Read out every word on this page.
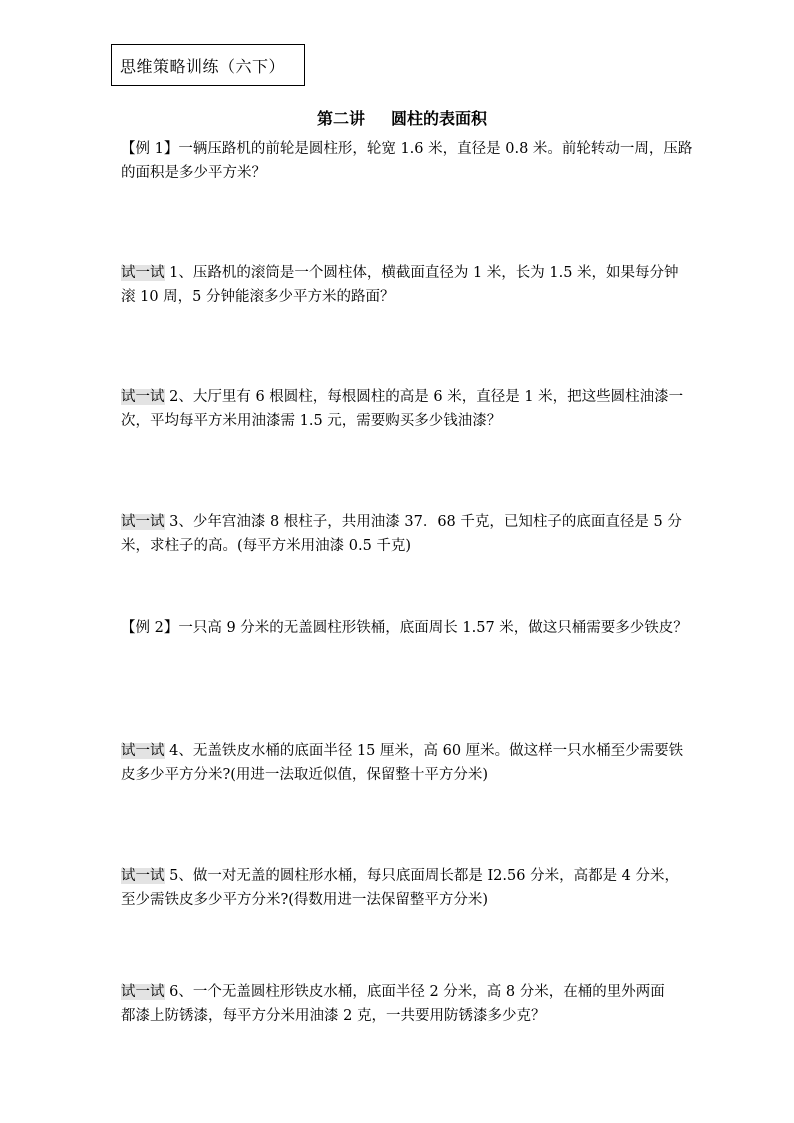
思维策略训练（六下）
第二讲 圆柱的表面积
【例 1】一辆压路机的前轮是圆柱形，轮宽 1.6 米，直径是 0.8 米。前轮转动一周，压路的面积是多少平方米？
试一试 1、压路机的滚筒是一个圆柱体，横截面直径为 1 米，长为 1.5 米，如果每分钟滚 10 周，5 分钟能滚多少平方米的路面？
试一试 2、大厅里有 6 根圆柱，每根圆柱的高是 6 米，直径是 1 米，把这些圆柱油漆一次，平均每平方米用油漆需 1.5 元，需要购买多少钱油漆？
试一试 3、少年宫油漆 8 根柱子，共用油漆 37．68 千克，已知柱子的底面直径是 5 分米，求柱子的高。(每平方米用油漆 0.5 千克)
【例 2】一只高 9 分米的无盖圆柱形铁桶，底面周长 1.57 米，做这只桶需要多少铁皮？
试一试 4、无盖铁皮水桶的底面半径 15 厘米，高 60 厘米。做这样一只水桶至少需要铁皮多少平方分米?(用进一法取近似值，保留整十平方分米)
试一试 5、做一对无盖的圆柱形水桶，每只底面周长都是 I2.56 分米，高都是 4 分米，至少需铁皮多少平方分米?(得数用进一法保留整平方分米)
试一试 6、一个无盖圆柱形铁皮水桶，底面半径 2 分米，高 8 分米，在桶的里外两面都漆上防锈漆，每平方分米用油漆 2 克，一共要用防锈漆多少克？
